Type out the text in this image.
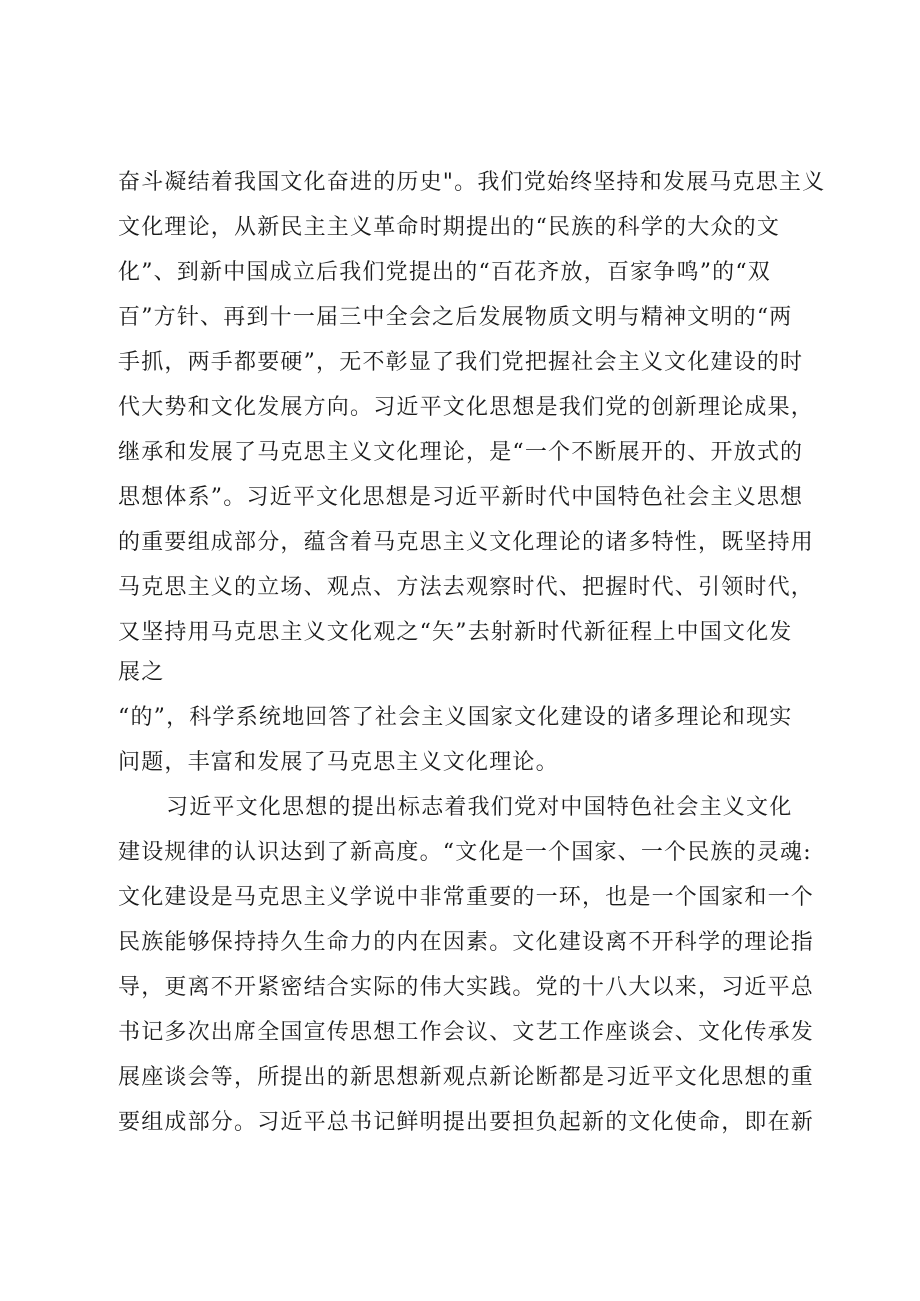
奋斗凝结着我国文化奋进的历史"。我们党始终坚持和发展马克思主义
文化理论，从新民主主义革命时期提出的“民族的科学的大众的文
化”、到新中国成立后我们党提出的“百花齐放，百家争鸣”的“双
百”方针、再到十一届三中全会之后发展物质文明与精神文明的“两
手抓，两手都要硬”，无不彰显了我们党把握社会主义文化建设的时
代大势和文化发展方向。习近平文化思想是我们党的创新理论成果，
继承和发展了马克思主义文化理论，是“一个不断展开的、开放式的
思想体系”。习近平文化思想是习近平新时代中国特色社会主义思想
的重要组成部分，蕴含着马克思主义文化理论的诸多特性，既坚持用
马克思主义的立场、观点、方法去观察时代、把握时代、引领时代，
又坚持用马克思主义文化观之“矢”去射新时代新征程上中国文化发
展之
“的”，科学系统地回答了社会主义国家文化建设的诸多理论和现实
问题，丰富和发展了马克思主义文化理论。
习近平文化思想的提出标志着我们党对中国特色社会主义文化
建设规律的认识达到了新高度。“文化是一个国家、一个民族的灵魂:
文化建设是马克思主义学说中非常重要的一环，也是一个国家和一个
民族能够保持持久生命力的内在因素。文化建设离不开科学的理论指
导，更离不开紧密结合实际的伟大实践。党的十八大以来，习近平总
书记多次出席全国宣传思想工作会议、文艺工作座谈会、文化传承发
展座谈会等，所提出的新思想新观点新论断都是习近平文化思想的重
要组成部分。习近平总书记鲜明提出要担负起新的文化使命，即在新
